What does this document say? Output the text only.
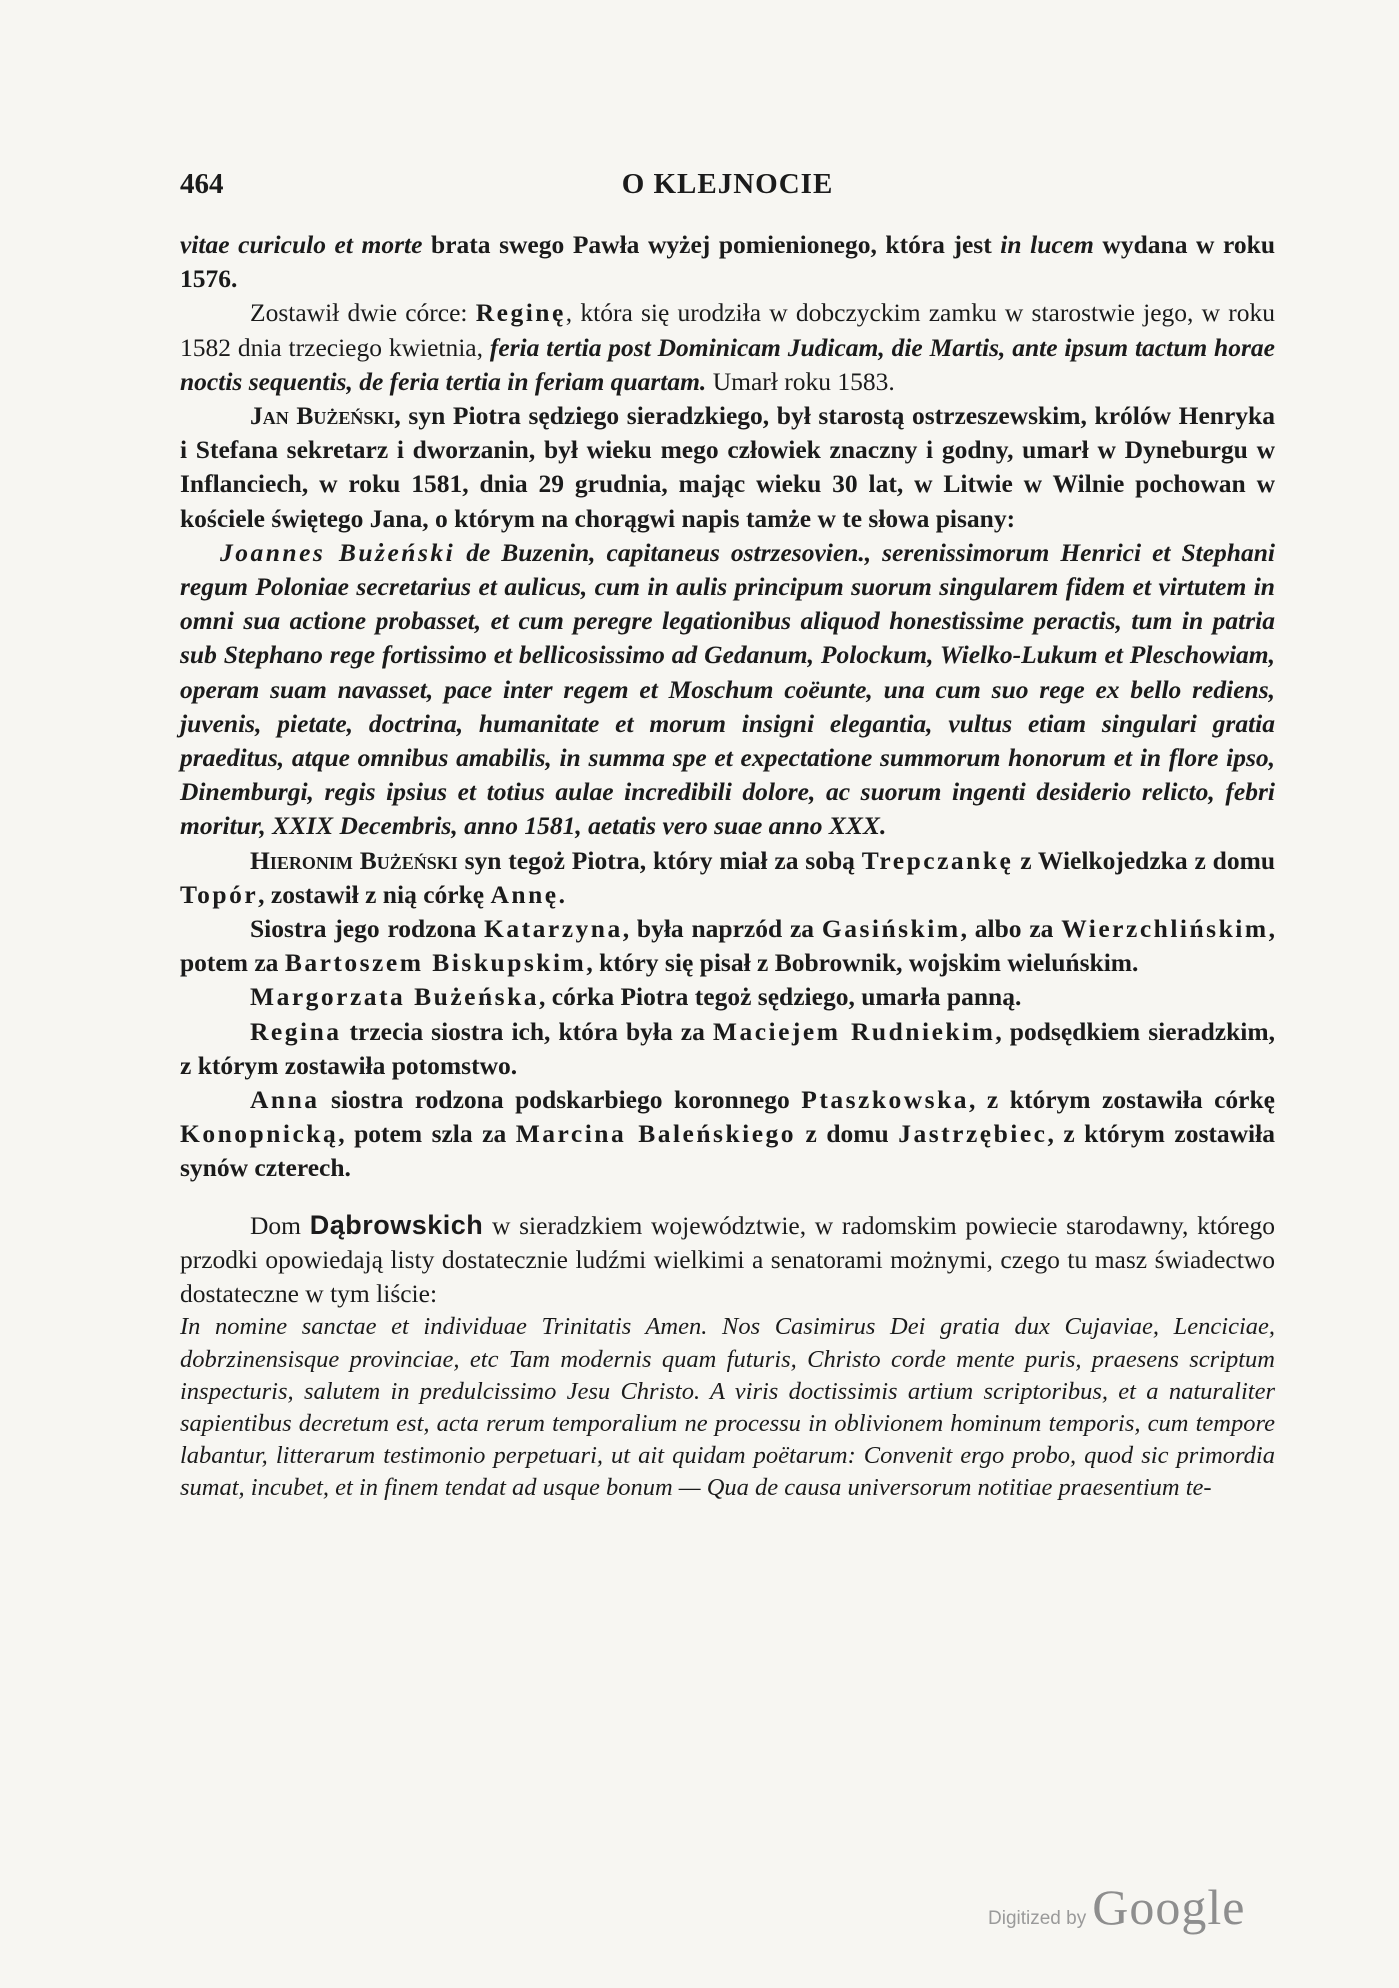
464	O KLEJNOCIE

vitae curiculo et morte brata swego Pawła wyżej pomienionego, która jest in lucem wydana w roku 1576.

Zostawił dwie córce: Reginę, która się urodziła w dobczyckim zamku w starostwie jego, w roku 1582 dnia trzeciego kwietnia, feria tertia post Dominicam Judicam, die Martis, ante ipsum tactum horae noctis sequentis, de feria tertia in feriam quartam. Umarł roku 1583.

Jan Bużeński, syn Piotra sędziego sieradzkiego, był starostą ostrzeszewskim, królów Henryka i Stefana sekretarz i dworzanin, był wieku mego człowiek znaczny i godny, umarł w Dyneburgu w Inflanciech, w roku 1581, dnia 29 grudnia, mając wieku 30 lat, w Litwie w Wilnie pochowan w kościele świętego Jana, o którym na chorągwi napis tamże w te słowa pisany:

Joannes Bużeński de Buzenin, capitaneus ostrzesovien., serenissimorum Henrici et Stephani regum Poloniae secretarius et aulicus, cum in aulis principum suorum singularem fidem et virtutem in omni sua actione probasset, et cum peregre legationibus aliquod honestissime peractis, tum in patria sub Stephano rege fortissimo et bellicosissimo ad Gedanum, Polockum, Wielko-Lukum et Pleschowiam, operam suam navasset, pace inter regem et Moschum coëunte, una cum suo rege ex bello rediens, juvenis, pietate, doctrina, humanitate et morum insigni elegantia, vultus etiam singulari gratia praeditus, atque omnibus amabilis, in summa spe et expectatione summorum honorum et in flore ipso, Dinemburgi, regis ipsius et totius aulae incredibili dolore, ac suorum ingenti desiderio relicto, febri moritur, XXIX Decembris, anno 1581, aetatis vero suae anno XXX.

Hieronim Bużeński syn tegoż Piotra, który miał za sobą Trepczankę z Wielkojedzka z domu Topór, zostawił z nią córkę Annę.

Siostra jego rodzona Katarzyna, była naprzód za Gasińskim, albo za Wierzchlińskim, potem za Bartoszem Biskupskim, który się pisał z Bobrownik, wojskim wieluńskim.

Margorzata Bużeńska, córka Piotra tegoż sędziego, umarła panną.

Regina trzecia siostra ich, która była za Maciejem Rudniekim, podsędkiem sieradzkim, z którym zostawiła potomstwo.

Anna siostra rodzona podskarbiego koronnego Ptaszkowska, z którym zostawiła córkę Konopnicką, potem szla za Marcina Baleńskiego z domu Jastrzębiec, z którym zostawiła synów czterech.

Dom Dąbrowskich w sieradzkiem województwie, w radomskim powiecie starodawny, którego przodki opowiedają listy dostatecznie ludźmi wielkimi a senatorami możnymi, czego tu masz świadectwo dostateczne w tym liście:

In nomine sanctae et individuae Trinitatis Amen. Nos Casimirus Dei gratia dux Cujaviae, Lenciciae, dobrzinensisque provinciae, etc Tam modernis quam futuris, Christo corde mente puris, praesens scriptum inspecturis, salutem in predulcissimo Jesu Christo. A viris doctissimis artium scriptoribus, et a naturaliter sapientibus decretum est, acta rerum temporalium ne processu in oblivionem hominum temporis, cum tempore labantur, litterarum testimonio perpetuari, ut ait quidam poëtarum: Convenit ergo probo, quod sic primordia sumat, incubet, et in finem tendat ad usque bonum — Qua de causa universorum notitiae praesentium te-

Digitized by Google
